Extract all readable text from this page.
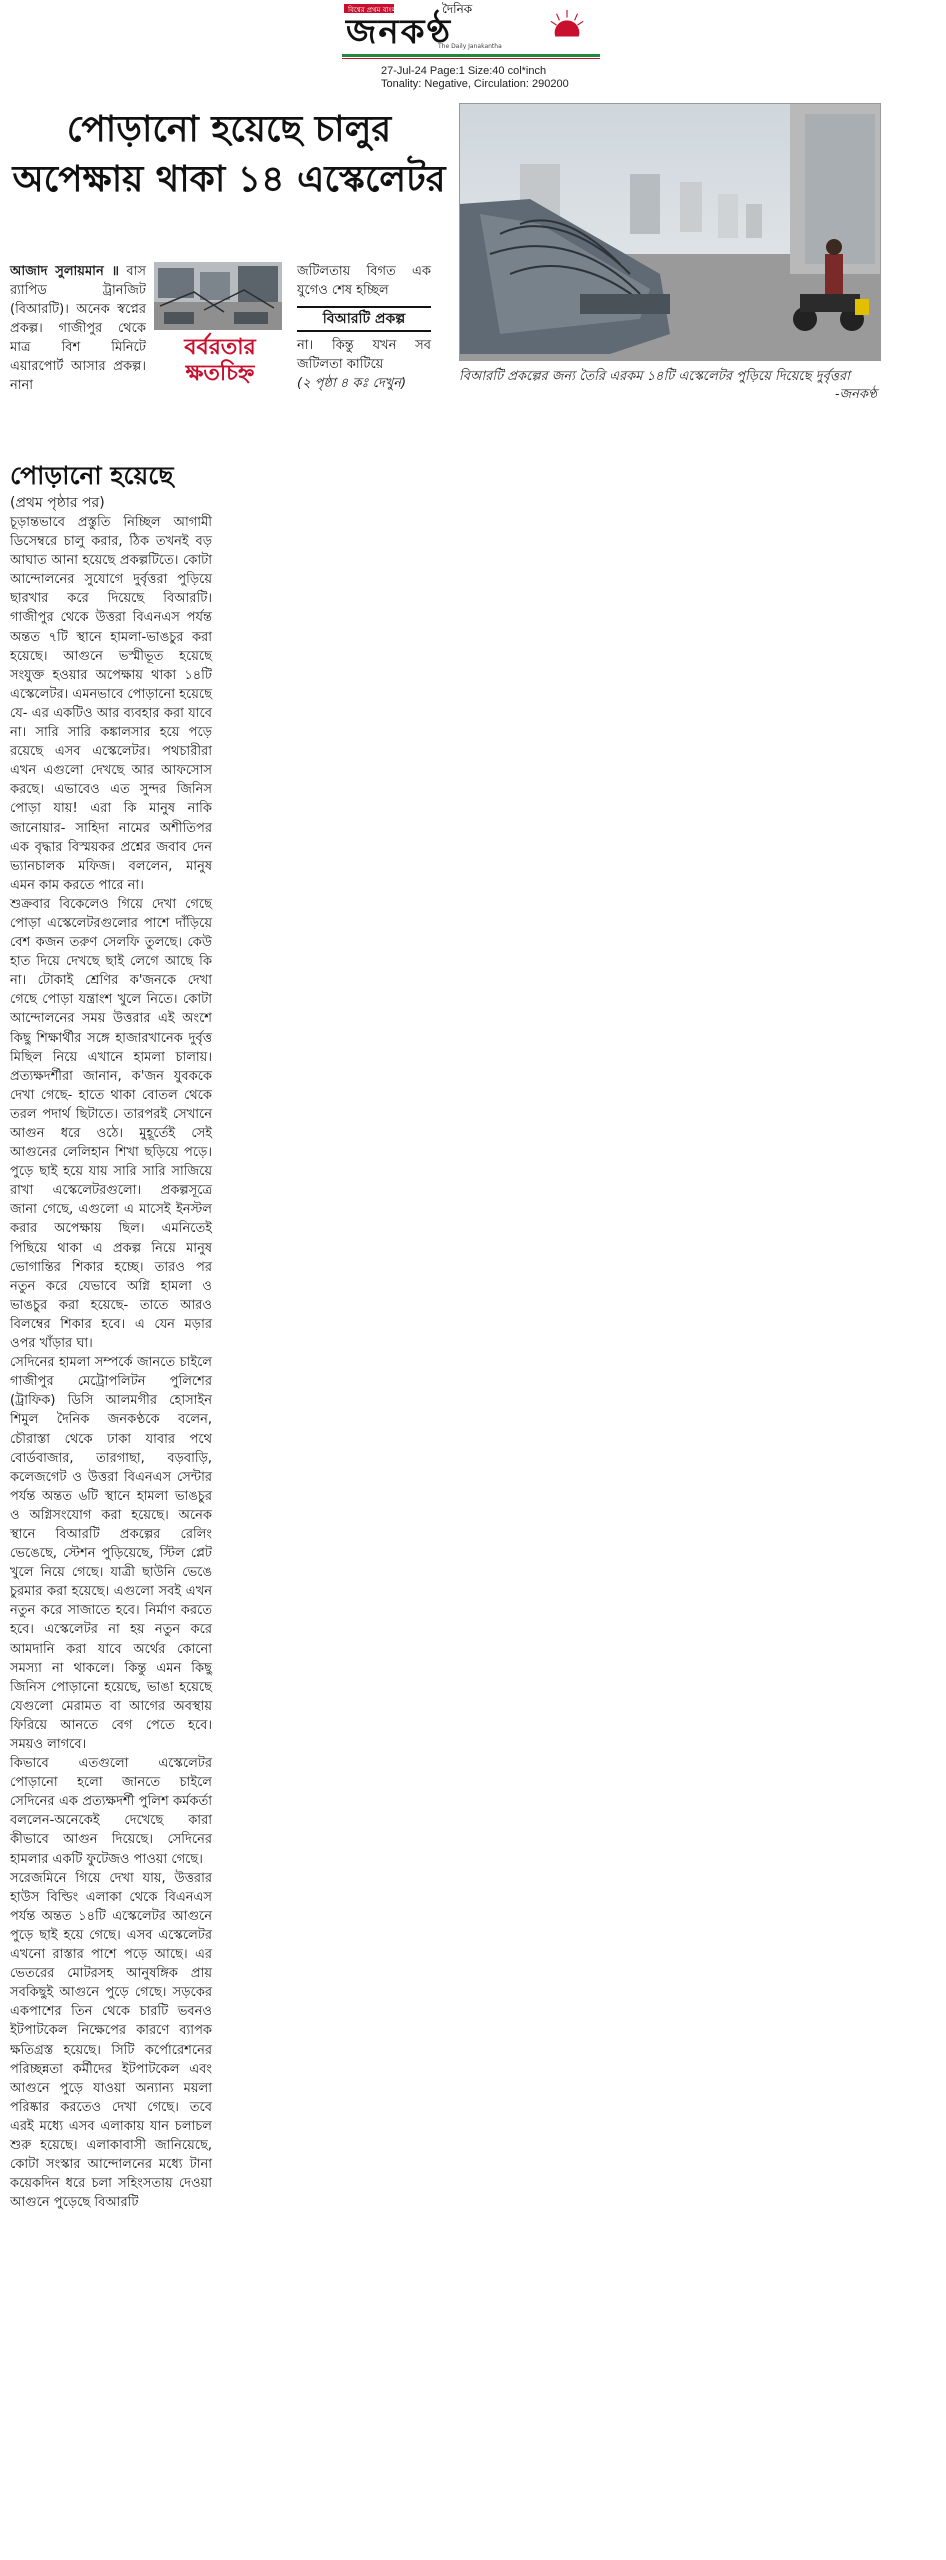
বিশ্বের প্রথম বাংলা	দৈনিক
জনকণ্ঠ
The Daily Janakantha
27-Jul-24 Page:1 Size:40 col*inch
Tonality: Negative, Circulation: 290200
পোড়ানো হয়েছে চালুর অপেক্ষায় থাকা ১৪ এস্কেলেটর
বিআরটি প্রকল্পের জন্য তৈরি এরকম ১৪টি এস্কেলেটর পুড়িয়ে দিয়েছে দুর্বৃত্তরা
-জনকণ্ঠ
আজাদ সুলায়মান ॥ বাস র‌্যাপিড ট্রানজিট (বিআরটি)। অনেক স্বপ্নের প্রকল্প। গাজীপুর থেকে মাত্র বিশ মিনিটে এয়ারপোর্ট আসার প্রকল্প। নানা
বর্বরতার ক্ষতচিহ্ন
জটিলতায় বিগত এক যুগেও শেষ হচ্ছিল
বিআরটি প্রকল্প
না। কিন্তু যখন সব জটিলতা কাটিয়ে
(২ পৃষ্ঠা ৪ কঃ দেখুন)
পোড়ানো হয়েছে
(প্রথম পৃষ্ঠার পর)

চূড়ান্তভাবে প্রস্তুতি নিচ্ছিল আগামী ডিসেম্বরে চালু করার, ঠিক তখনই বড় আঘাত আনা হয়েছে প্রকল্পটিতে। কোটা আন্দোলনের সুযোগে দুর্বৃত্তরা পুড়িয়ে ছারখার করে দিয়েছে বিআরটি। গাজীপুর থেকে উত্তরা বিএনএস পর্যন্ত অন্তত ৭টি স্থানে হামলা-ভাঙচুর করা হয়েছে। আগুনে ভস্মীভূত হয়েছে সংযুক্ত হওয়ার অপেক্ষায় থাকা ১৪টি এস্কেলেটর। এমনভাবে পোড়ানো হয়েছে যে- এর একটিও আর ব্যবহার করা যাবে না। সারি সারি কঙ্কালসার হয়ে পড়ে রয়েছে এসব এস্কেলেটর। পথচারীরা এখন এগুলো দেখছে আর আফসোস করছে। এভাবেও এত সুন্দর জিনিস পোড়া যায়! এরা কি মানুষ নাকি জানোয়ার- সাহিদা নামের অশীতিপর এক বৃদ্ধার বিস্ময়কর প্রশ্নের জবাব দেন ভ্যানচালক মফিজ। বললেন, মানুষ এমন কাম করতে পারে না।

শুক্রবার বিকেলেও গিয়ে দেখা গেছে পোড়া এস্কেলেটরগুলোর পাশে দাঁড়িয়ে বেশ কজন তরুণ সেলফি তুলছে। কেউ হাত দিয়ে দেখছে ছাই লেগে আছে কি না। টোকাই শ্রেণির ক'জনকে দেখা গেছে পোড়া যন্ত্রাংশ খুলে নিতে। কোটা আন্দোলনের সময় উত্তরার এই অংশে কিছু শিক্ষার্থীর সঙ্গে হাজারখানেক দুর্বৃত্ত মিছিল নিয়ে এখানে হামলা চালায়। প্রত্যক্ষদর্শীরা জানান, ক'জন যুবককে দেখা গেছে- হাতে থাকা বোতল থেকে তরল পদার্থ ছিটাতে। তারপরই সেখানে আগুন ধরে ওঠে। মুহূর্তেই সেই আগুনের লেলিহান শিখা ছড়িয়ে পড়ে। পুড়ে ছাই হয়ে যায় সারি সারি সাজিয়ে রাখা এস্কেলেটরগুলো। প্রকল্পসূত্রে জানা গেছে, এগুলো এ মাসেই ইনস্টল করার অপেক্ষায় ছিল। এমনিতেই পিছিয়ে থাকা এ প্রকল্প নিয়ে মানুষ ভোগান্তির শিকার হচ্ছে। তারও পর নতুন করে যেভাবে অগ্নি হামলা ও ভাঙচুর করা হয়েছে- তাতে আরও বিলম্বের শিকার হবে। এ যেন মড়ার ওপর খাঁড়ার ঘা।

সেদিনের হামলা সম্পর্কে জানতে চাইলে গাজীপুর মেট্রোপলিটন পুলিশের (ট্রাফিক) ডিসি আলমগীর হোসাইন শিমুল দৈনিক জনকণ্ঠকে বলেন, চৌরাস্তা থেকে ঢাকা যাবার পথে বোর্ডবাজার, তারগাছা, বড়বাড়ি, কলেজগেট ও উত্তরা বিএনএস সেন্টার পর্যন্ত অন্তত ৬টি স্থানে হামলা ভাঙচুর ও অগ্নিসংযোগ করা হয়েছে। অনেক স্থানে বিআরটি প্রকল্পের রেলিং ভেঙেছে, স্টেশন পুড়িয়েছে, স্টিল প্লেট খুলে নিয়ে গেছে। যাত্রী ছাউনি ভেঙে চুরমার করা হয়েছে। এগুলো সবই এখন নতুন করে সাজাতে হবে। নির্মাণ করতে হবে। এস্কেলেটর না হয় নতুন করে আমদানি করা যাবে অর্থের কোনো সমস্যা না থাকলে। কিন্তু এমন কিছু জিনিস পোড়ানো হয়েছে, ভাঙা হয়েছে যেগুলো মেরামত বা আগের অবস্থায় ফিরিয়ে আনতে বেগ পেতে হবে। সময়ও লাগবে।

কিভাবে এতগুলো এস্কেলেটর পোড়ানো হলো জানতে চাইলে সেদিনের এক প্রত্যক্ষদর্শী পুলিশ কর্মকর্তা বললেন-অনেকেই দেখেছে কারা কীভাবে আগুন দিয়েছে। সেদিনের হামলার একটি ফুটেজও পাওয়া গেছে।

সরেজমিনে গিয়ে দেখা যায়, উত্তরার হাউস বিল্ডিং এলাকা থেকে বিএনএস পর্যন্ত অন্তত ১৪টি এস্কেলেটর আগুনে পুড়ে ছাই হয়ে গেছে। এসব এস্কেলেটর এখনো রাস্তার পাশে পড়ে আছে। এর ভেতরের মোটরসহ আনুষঙ্গিক প্রায় সবকিছুই আগুনে পুড়ে গেছে। সড়কের একপাশের তিন থেকে চারটি ভবনও ইটপাটকেল নিক্ষেপের কারণে ব্যাপক ক্ষতিগ্রস্ত হয়েছে। সিটি কর্পোরেশনের পরিচ্ছন্নতা কর্মীদের ইটপাটকেল এবং আগুনে পুড়ে যাওয়া অন্যান্য ময়লা পরিষ্কার করতেও দেখা গেছে। তবে এরই মধ্যে এসব এলাকায় যান চলাচল শুরু হয়েছে। এলাকাবাসী জানিয়েছে, কোটা সংস্কার আন্দোলনের মধ্যে টানা কয়েকদিন ধরে চলা সহিংসতায় দেওয়া আগুনে পুড়েছে বিআরটি
